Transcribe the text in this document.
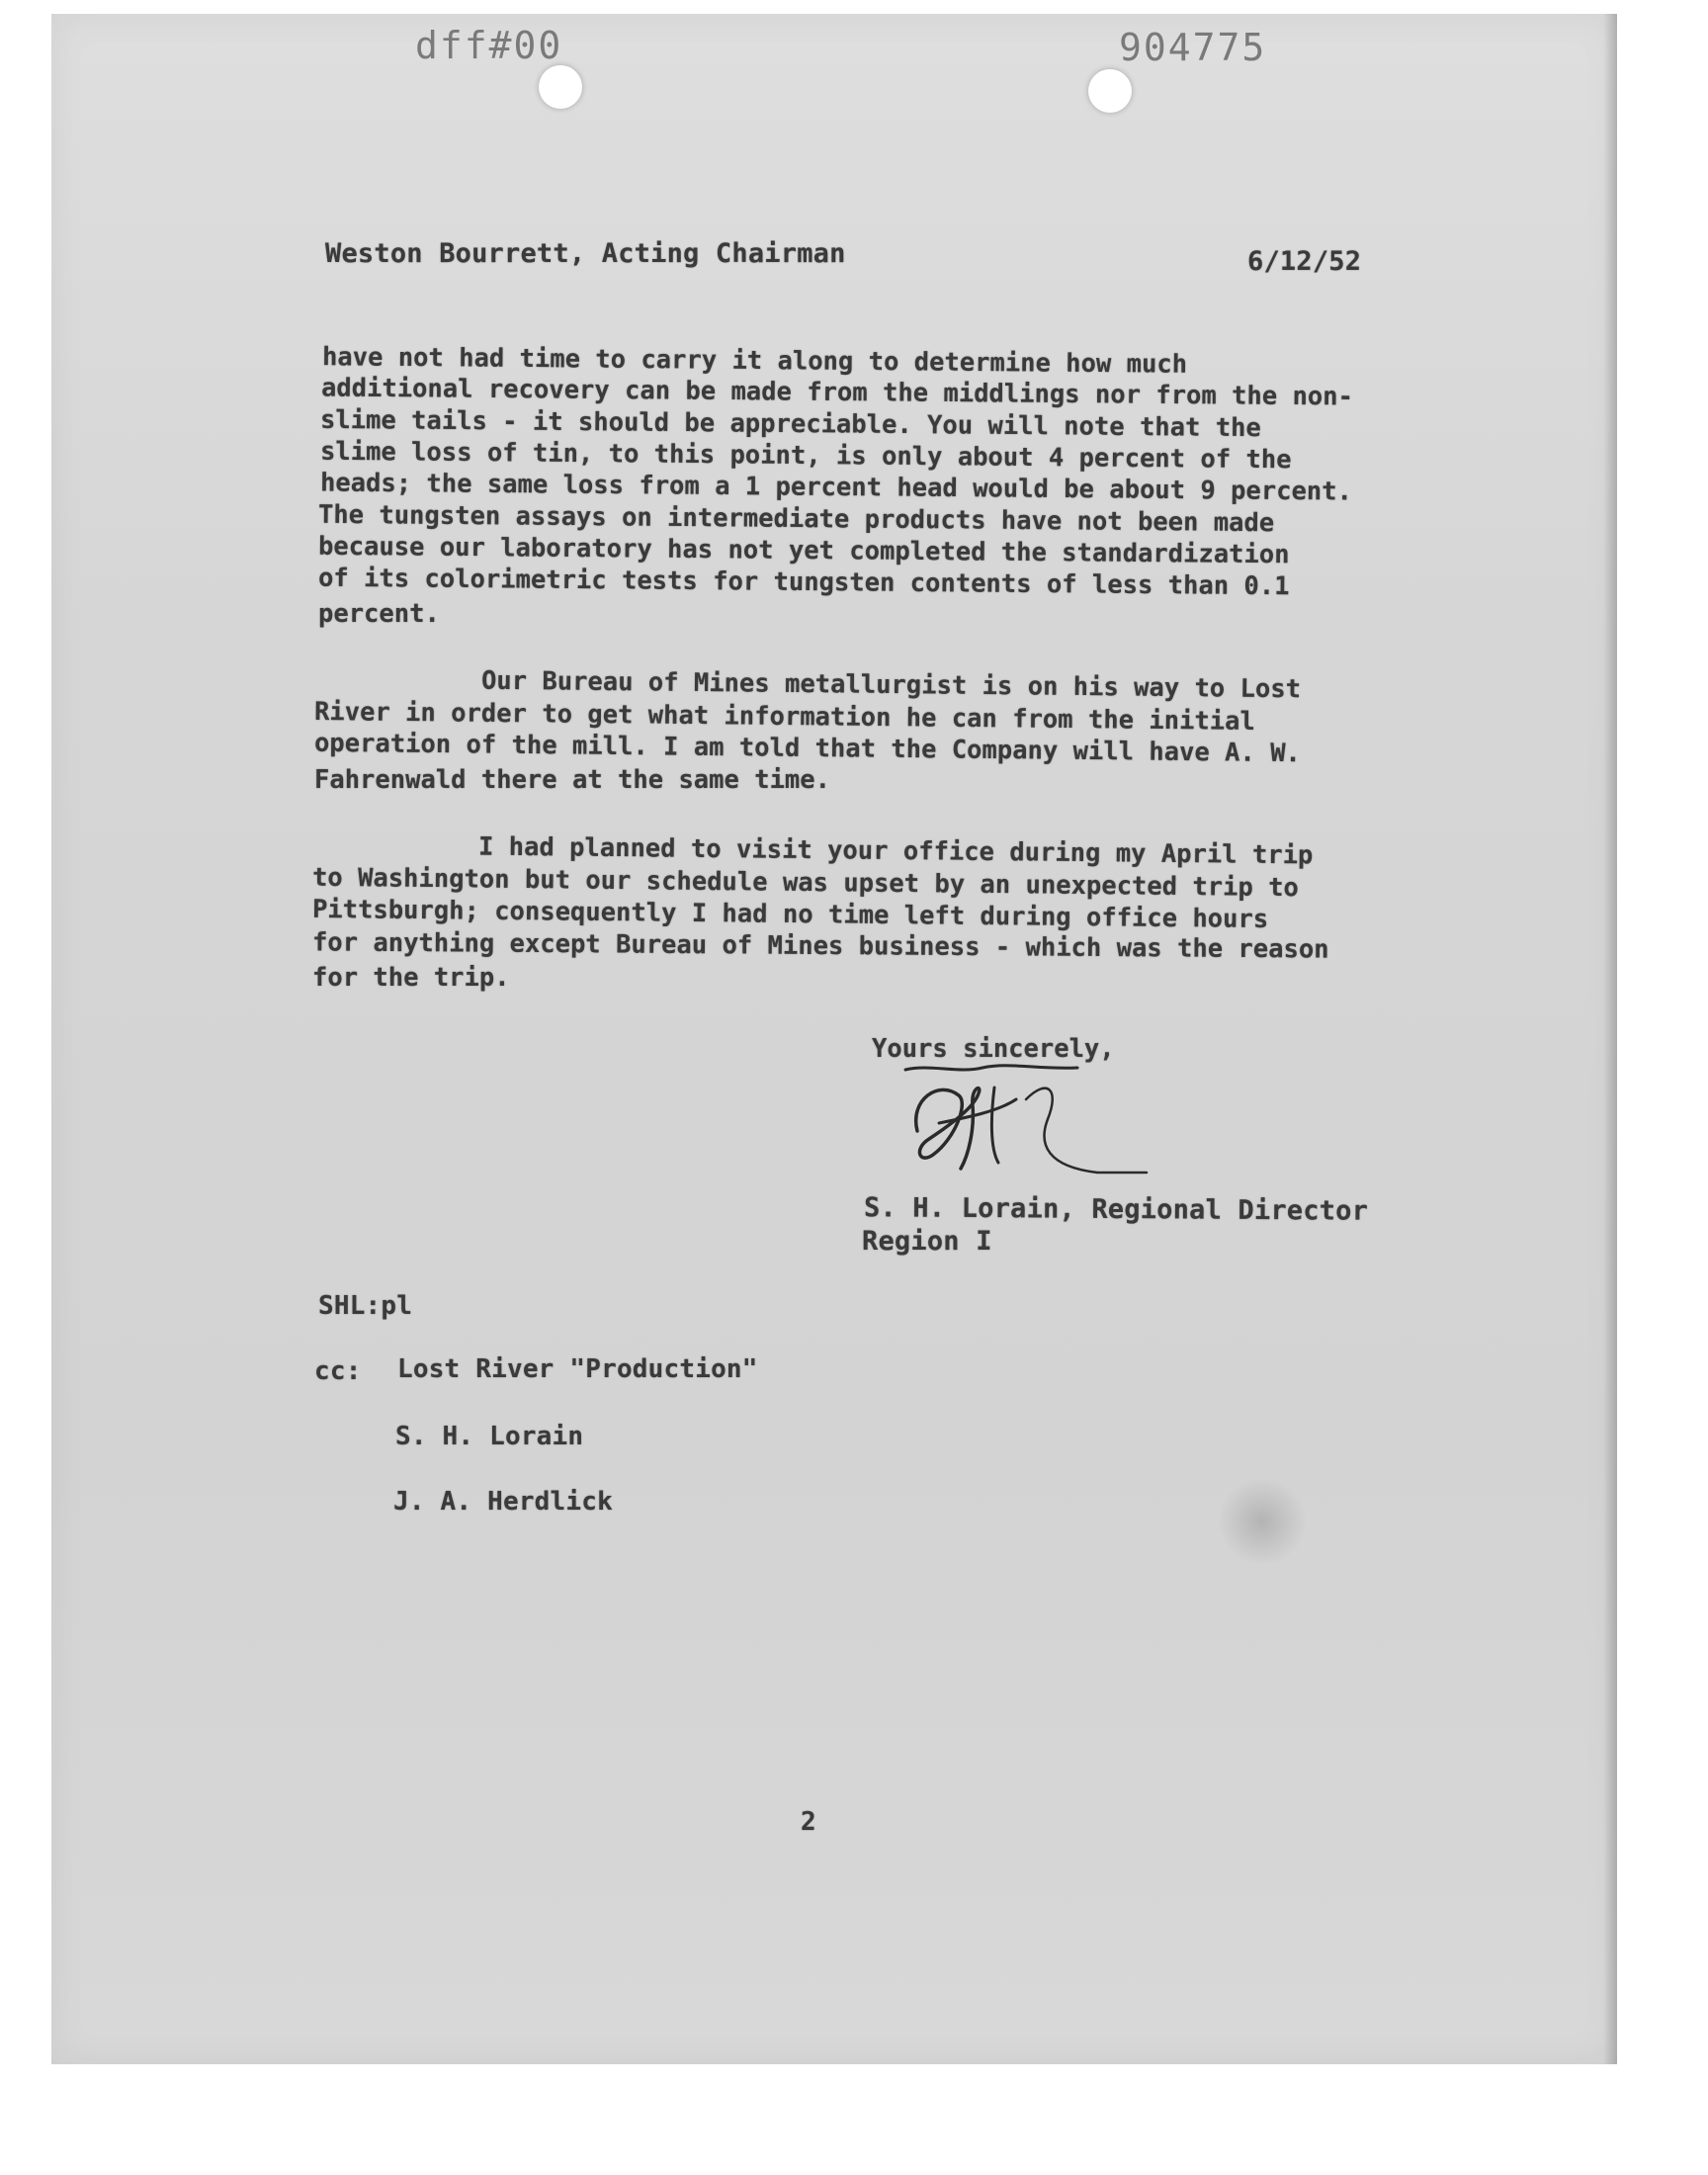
dff#00	904775
Weston Bourrett, Acting Chairman	6/12/52
have not had time to carry it along to determine how much
additional recovery can be made from the middlings nor from the non-
slime tails - it should be appreciable. You will note that the
slime loss of tin, to this point, is only about 4 percent of the
heads; the same loss from a 1 percent head would be about 9 percent.
The tungsten assays on intermediate products have not been made
because our laboratory has not yet completed the standardization
of its colorimetric tests for tungsten contents of less than 0.1
percent.
Our Bureau of Mines metallurgist is on his way to Lost
River in order to get what information he can from the initial
operation of the mill. I am told that the Company will have A. W.
Fahrenwald there at the same time.
I had planned to visit your office during my April trip
to Washington but our schedule was upset by an unexpected trip to
Pittsburgh; consequently I had no time left during office hours
for anything except Bureau of Mines business - which was the reason
for the trip.
Yours sincerely,
S. H. Lorain, Regional Director
Region I
SHL:pl
cc: Lost River "Production"
S. H. Lorain
J. A. Herdlick
2
